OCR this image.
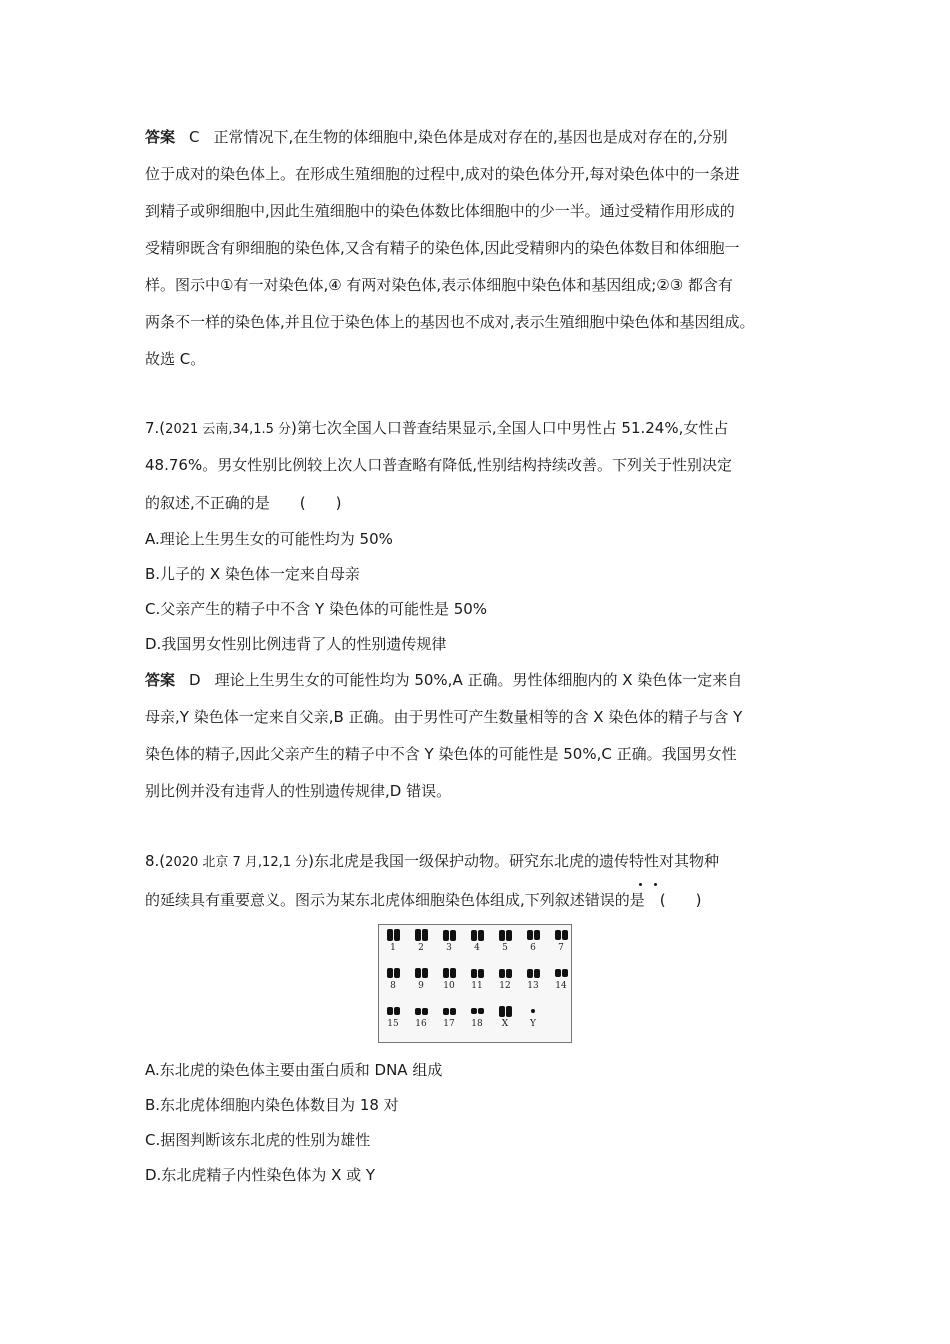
答案 C 正常情况下,在生物的体细胞中,染色体是成对存在的,基因也是成对存在的,分别
位于成对的染色体上。在形成生殖细胞的过程中,成对的染色体分开,每对染色体中的一条进
到精子或卵细胞中,因此生殖细胞中的染色体数比体细胞中的少一半。通过受精作用形成的
受精卵既含有卵细胞的染色体,又含有精子的染色体,因此受精卵内的染色体数目和体细胞一
样。图示中①有一对染色体,④ 有两对染色体,表示体细胞中染色体和基因组成;②③ 都含有
两条不一样的染色体,并且位于染色体上的基因也不成对,表示生殖细胞中染色体和基因组成。
故选 C。
7.(2021 云南,34,1.5 分)第七次全国人口普查结果显示,全国人口中男性占 51.24%,女性占
48.76%。男女性别比例较上次人口普查略有降低,性别结构持续改善。下列关于性别决定
的叙述,不正确的是　　(　　)
A.理论上生男生女的可能性均为 50%
B.儿子的 X 染色体一定来自母亲
C.父亲产生的精子中不含 Y 染色体的可能性是 50%
D.我国男女性别比例违背了人的性别遗传规律
答案 D 理论上生男生女的可能性均为 50%,A 正确。男性体细胞内的 X 染色体一定来自
母亲,Y 染色体一定来自父亲,B 正确。由于男性可产生数量相等的含 X 染色体的精子与含 Y
染色体的精子,因此父亲产生的精子中不含 Y 染色体的可能性是 50%,C 正确。我国男女性
别比例并没有违背人的性别遗传规律,D 错误。
8.(2020 北京 7 月,12,1 分)东北虎是我国一级保护动物。研究东北虎的遗传特性对其物种
的延续具有重要意义。图示为某东北虎体细胞染色体组成,下列叙述错误的是　(　　)
1	2	3	4	5	6	7
8	9	10	11	12	13	14
15	16	17	18	X	Y
A.东北虎的染色体主要由蛋白质和 DNA 组成
B.东北虎体细胞内染色体数目为 18 对
C.据图判断该东北虎的性别为雄性
D.东北虎精子内性染色体为 X 或 Y
